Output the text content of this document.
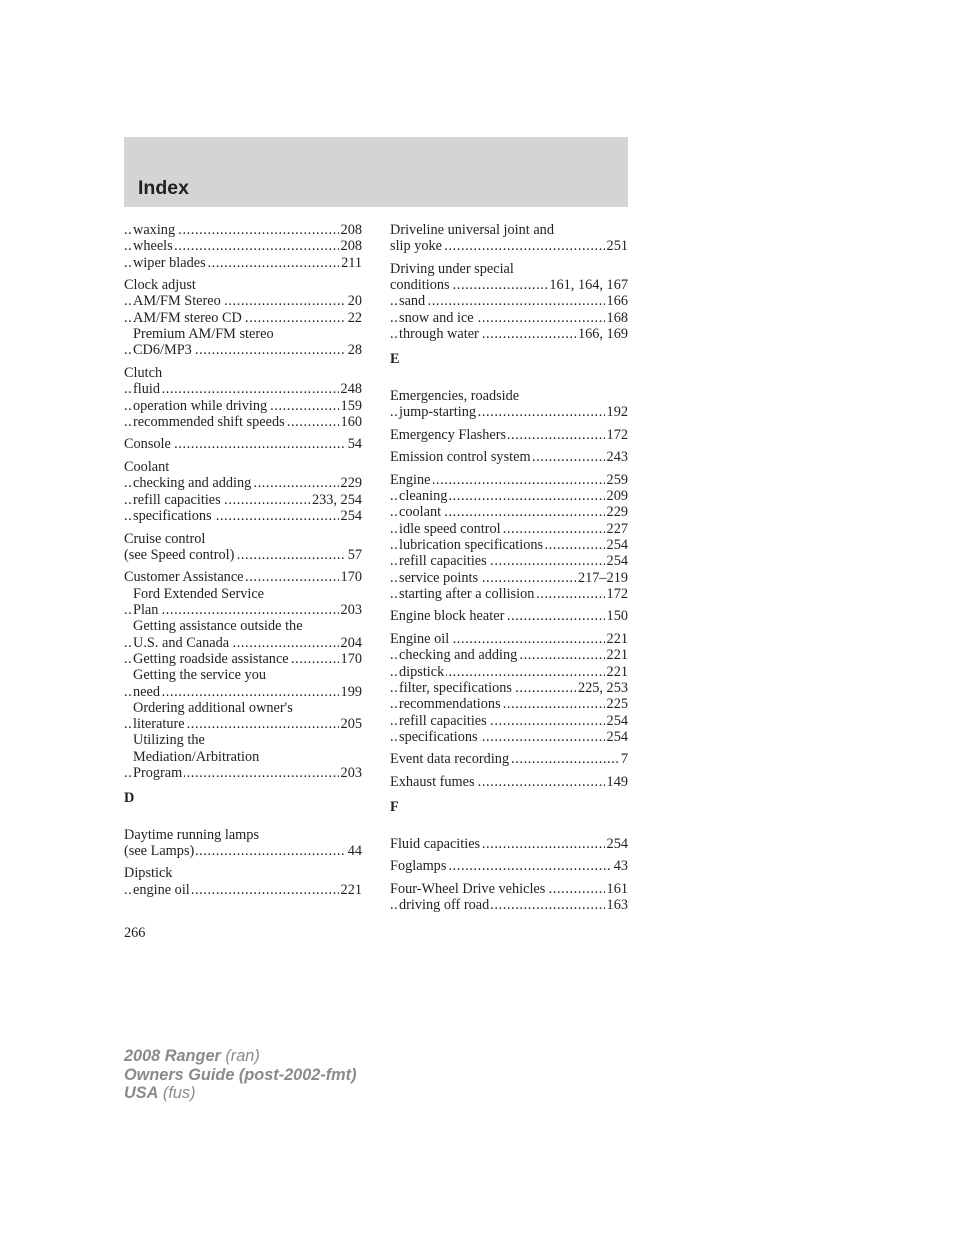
Index
waxing	208
.....
wheels	208
.....
wiper blades	211
.....
Clock adjust
AM/FM Stereo	20
.....
AM/FM stereo CD	22
.....
Premium AM/FM stereo
CD6/MP3	28
.....
Clutch
fluid	248
.....
operation while driving	159
.....
recommended shift speeds	160
.....
Console	54
.....
Coolant
checking and adding	229
.....
refill capacities	233, 254
.....
specifications	254
.....
Cruise control
(see Speed control)	57
.....
Customer Assistance	170
.....
Ford Extended Service
Plan	203
.....
Getting assistance outside the
U.S. and Canada	204
.....
Getting roadside assistance	170
.....
Getting the service you
need	199
.....
Ordering additional owner's
literature	205
.....
Utilizing the
Mediation/Arbitration
Program	203
.....
D
Daytime running lamps
(see Lamps)	44
.....
Dipstick
engine oil	221
.....
Driveline universal joint and
slip yoke	251
.....
Driving under special
conditions	161, 164, 167
.....
sand	166
.....
snow and ice	168
.....
through water	166, 169
.....
E
Emergencies, roadside
jump-starting	192
.....
Emergency Flashers	172
.....
Emission control system	243
.....
Engine	259
.....
cleaning	209
.....
coolant	229
.....
idle speed control	227
.....
lubrication specifications	254
.....
refill capacities	254
.....
service points	217–219
.....
starting after a collision	172
.....
Engine block heater	150
.....
Engine oil	221
.....
checking and adding	221
.....
dipstick	221
.....
filter, specifications	225, 253
.....
recommendations	225
.....
refill capacities	254
.....
specifications	254
.....
Event data recording	7
.....
Exhaust fumes	149
.....
F
Fluid capacities	254
.....
Foglamps	43
.....
Four-Wheel Drive vehicles	161
.....
driving off road	163
.....
266
2008 Ranger (ran)
Owners Guide (post-2002-fmt)
USA (fus)
